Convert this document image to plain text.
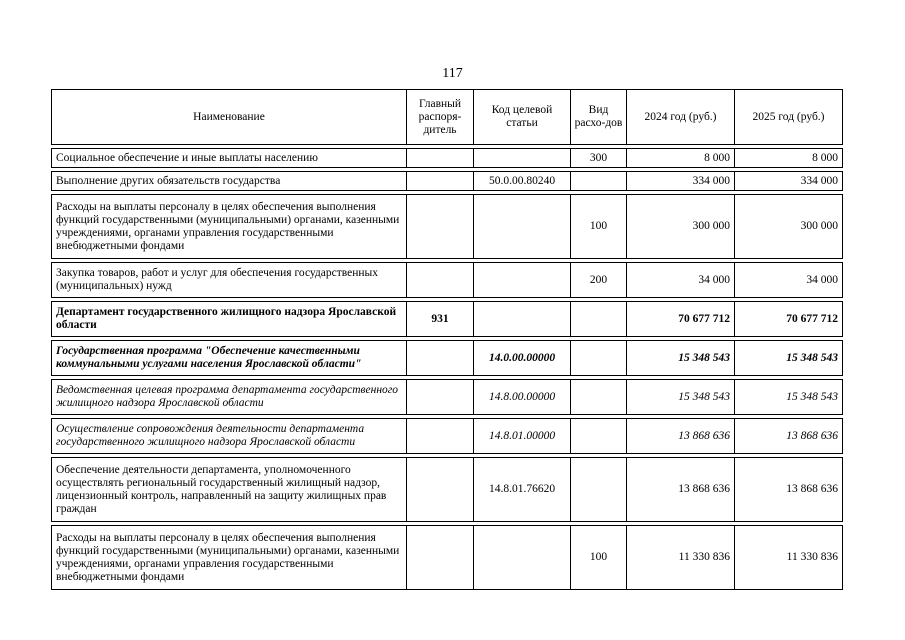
117
Наименование	Главный распоря-дитель	Код целевой статьи	Вид расхо-дов	2024 год (руб.)	2025 год (руб.)

Социальное обеспечение и иные выплаты населению			300	8 000	8 000

Выполнение других обязательств государства		50.0.00.80240		334 000	334 000

Расходы на выплаты персоналу в целях обеспечения выполнения функций государственными (муниципальными) органами, казенными учреждениями, органами управления государственными внебюджетными фондами			100	300 000	300 000

Закупка товаров, работ и услуг для обеспечения государственных (муниципальных) нужд			200	34 000	34 000

Департамент государственного жилищного надзора Ярославской области	931			70 677 712	70 677 712

Государственная программа "Обеспечение качественными коммунальными услугами населения Ярославской области"		14.0.00.00000		15 348 543	15 348 543

Ведомственная целевая программа департамента государственного жилищного надзора Ярославской области		14.8.00.00000		15 348 543	15 348 543

Осуществление сопровождения деятельности департамента государственного жилищного надзора Ярославской области		14.8.01.00000		13 868 636	13 868 636

Обеспечение деятельности департамента, уполномоченного осуществлять региональный государственный жилищный надзор, лицензионный контроль, направленный на защиту жилищных прав граждан		14.8.01.76620		13 868 636	13 868 636

Расходы на выплаты персоналу в целях обеспечения выполнения функций государственными (муниципальными) органами, казенными учреждениями, органами управления государственными внебюджетными фондами			100	11 330 836	11 330 836
